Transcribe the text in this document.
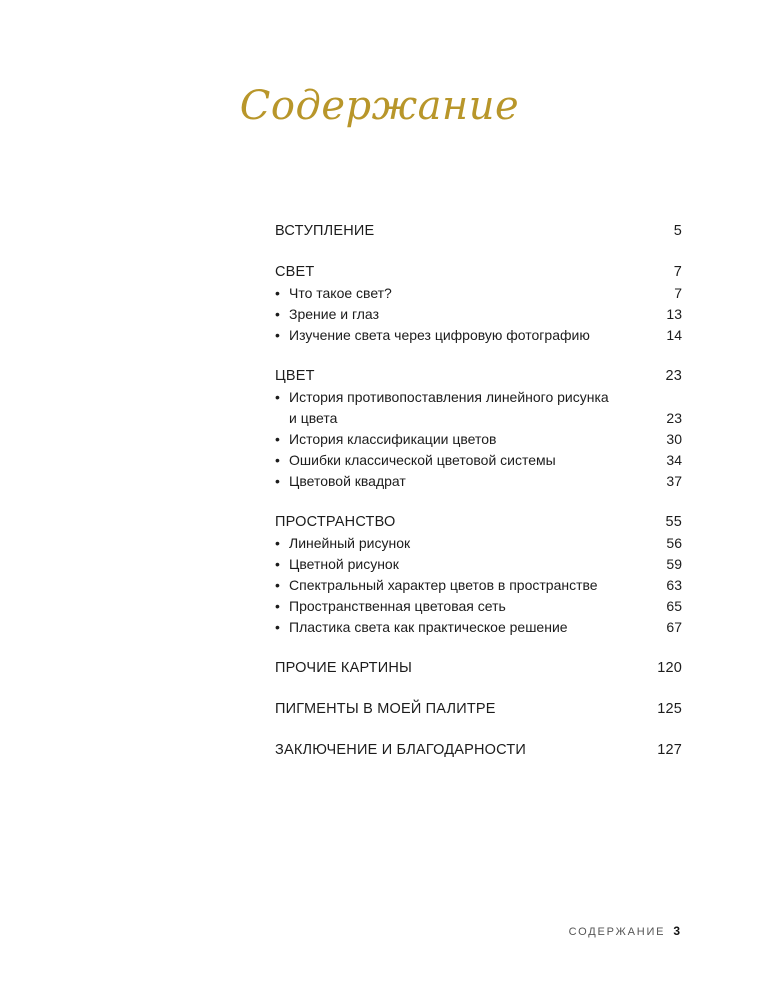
Содержание
ВСТУПЛЕНИЕ	5
СВЕТ	7
• Что такое свет?	7
• Зрение и глаз	13
• Изучение света через цифровую фотографию	14
ЦВЕТ	23
• История противопоставления линейного рисунка
и цвета	23
• История классификации цветов	30
• Ошибки классической цветовой системы	34
• Цветовой квадрат	37
ПРОСТРАНСТВО	55
• Линейный рисунок	56
• Цветной рисунок	59
• Спектральный характер цветов в пространстве	63
• Пространственная цветовая сеть	65
• Пластика света как практическое решение	67
ПРОЧИЕ КАРТИНЫ	120
ПИГМЕНТЫ В МОЕЙ ПАЛИТРЕ	125
ЗАКЛЮЧЕНИЕ И БЛАГОДАРНОСТИ	127
СОДЕРЖАНИЕ 3
